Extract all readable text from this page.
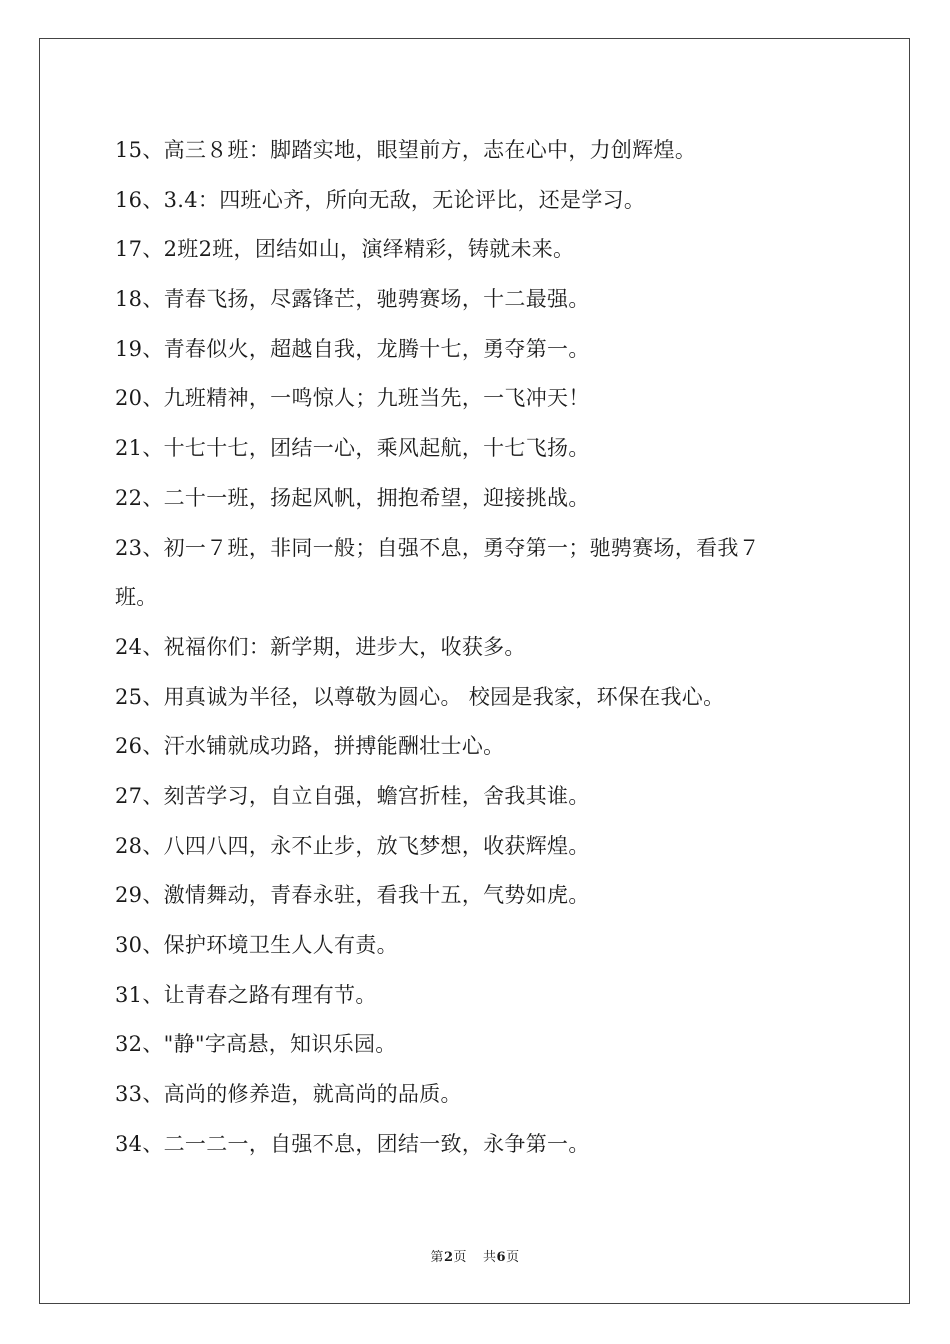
15、高三８班：脚踏实地，眼望前方，志在心中，力创辉煌。
16、3.4：四班心齐，所向无敌，无论评比，还是学习。
17、2班2班，团结如山，演绎精彩，铸就未来。
18、青春飞扬，尽露锋芒，驰骋赛场，十二最强。
19、青春似火，超越自我，龙腾十七，勇夺第一。
20、九班精神，一鸣惊人；九班当先，一飞冲天！
21、十七十七，团结一心，乘风起航，十七飞扬。
22、二十一班，扬起风帆，拥抱希望，迎接挑战。
23、初一７班，非同一般；自强不息，勇夺第一；驰骋赛场，看我７
班。
24、祝福你们：新学期，进步大，收获多。
25、用真诚为半径，以尊敬为圆心。 校园是我家，环保在我心。
26、汗水铺就成功路，拼搏能酬壮士心。
27、刻苦学习，自立自强，蟾宫折桂，舍我其谁。
28、八四八四，永不止步，放飞梦想，收获辉煌。
29、激情舞动，青春永驻，看我十五，气势如虎。
30、保护环境卫生人人有责。
31、让青春之路有理有节。
32、"静"字高悬，知识乐园。
33、高尚的修养造，就高尚的品质。
34、二一二一，自强不息，团结一致，永争第一。
第2页 共6页
